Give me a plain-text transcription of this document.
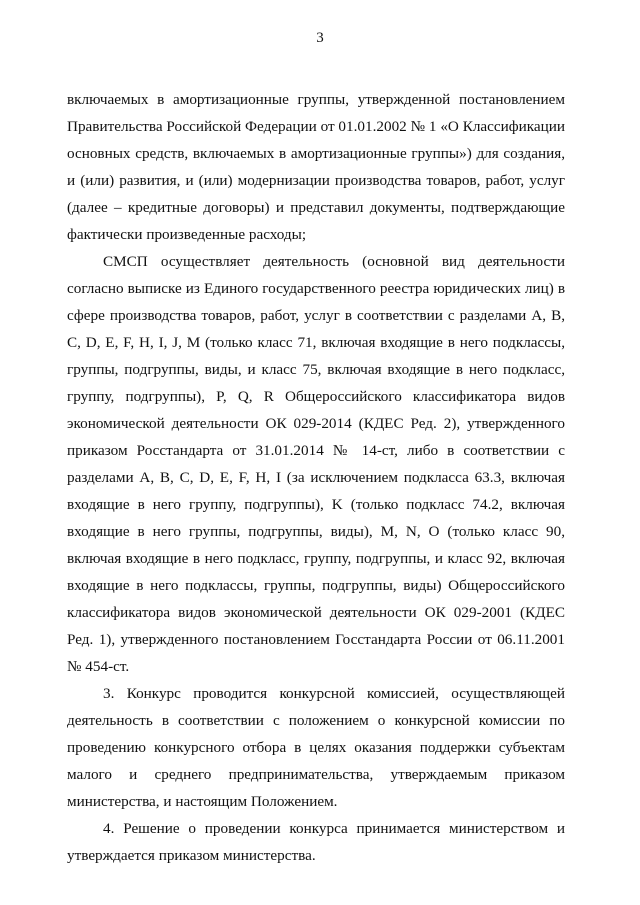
3
включаемых в амортизационные группы, утвержденной постановлением
Правительства Российской Федерации от 01.01.2002 № 1 «О Классификации
основных средств, включаемых в амортизационные группы») для создания,
и (или) развития, и (или) модернизации производства товаров, работ, услуг
(далее – кредитные договоры) и представил документы, подтверждающие
фактически произведенные расходы;
СМСП осуществляет деятельность (основной вид деятельности
согласно выписке из Единого государственного реестра юридических лиц) в
сфере производства товаров, работ, услуг в соответствии с разделами A, B,
C, D, E, F, H, I, J, M (только класс 71, включая входящие в него подклассы,
группы, подгруппы, виды, и класс 75, включая входящие в него подкласс,
группу, подгруппы), P, Q, R Общероссийского классификатора видов
экономической деятельности ОК 029-2014 (КДЕС Ред. 2), утвержденного
приказом Росстандарта от 31.01.2014 № 14-ст, либо в соответствии с
разделами A, B, C, D, E, F, H, I (за исключением подкласса 63.3, включая
входящие в него группу, подгруппы), K (только подкласс 74.2, включая
входящие в него группы, подгруппы, виды), M, N, O (только класс 90,
включая входящие в него подкласс, группу, подгруппы, и класс 92, включая
входящие в него подклассы, группы, подгруппы, виды) Общероссийского
классификатора видов экономической деятельности ОК 029-2001 (КДЕС
Ред. 1), утвержденного постановлением Госстандарта России от 06.11.2001
№ 454-ст.
3. Конкурс проводится конкурсной комиссией, осуществляющей
деятельность в соответствии с положением о конкурсной комиссии по
проведению конкурсного отбора в целях оказания поддержки субъектам
малого и среднего предпринимательства, утверждаемым приказом
министерства, и настоящим Положением.
4. Решение о проведении конкурса принимается министерством и
утверждается приказом министерства.
